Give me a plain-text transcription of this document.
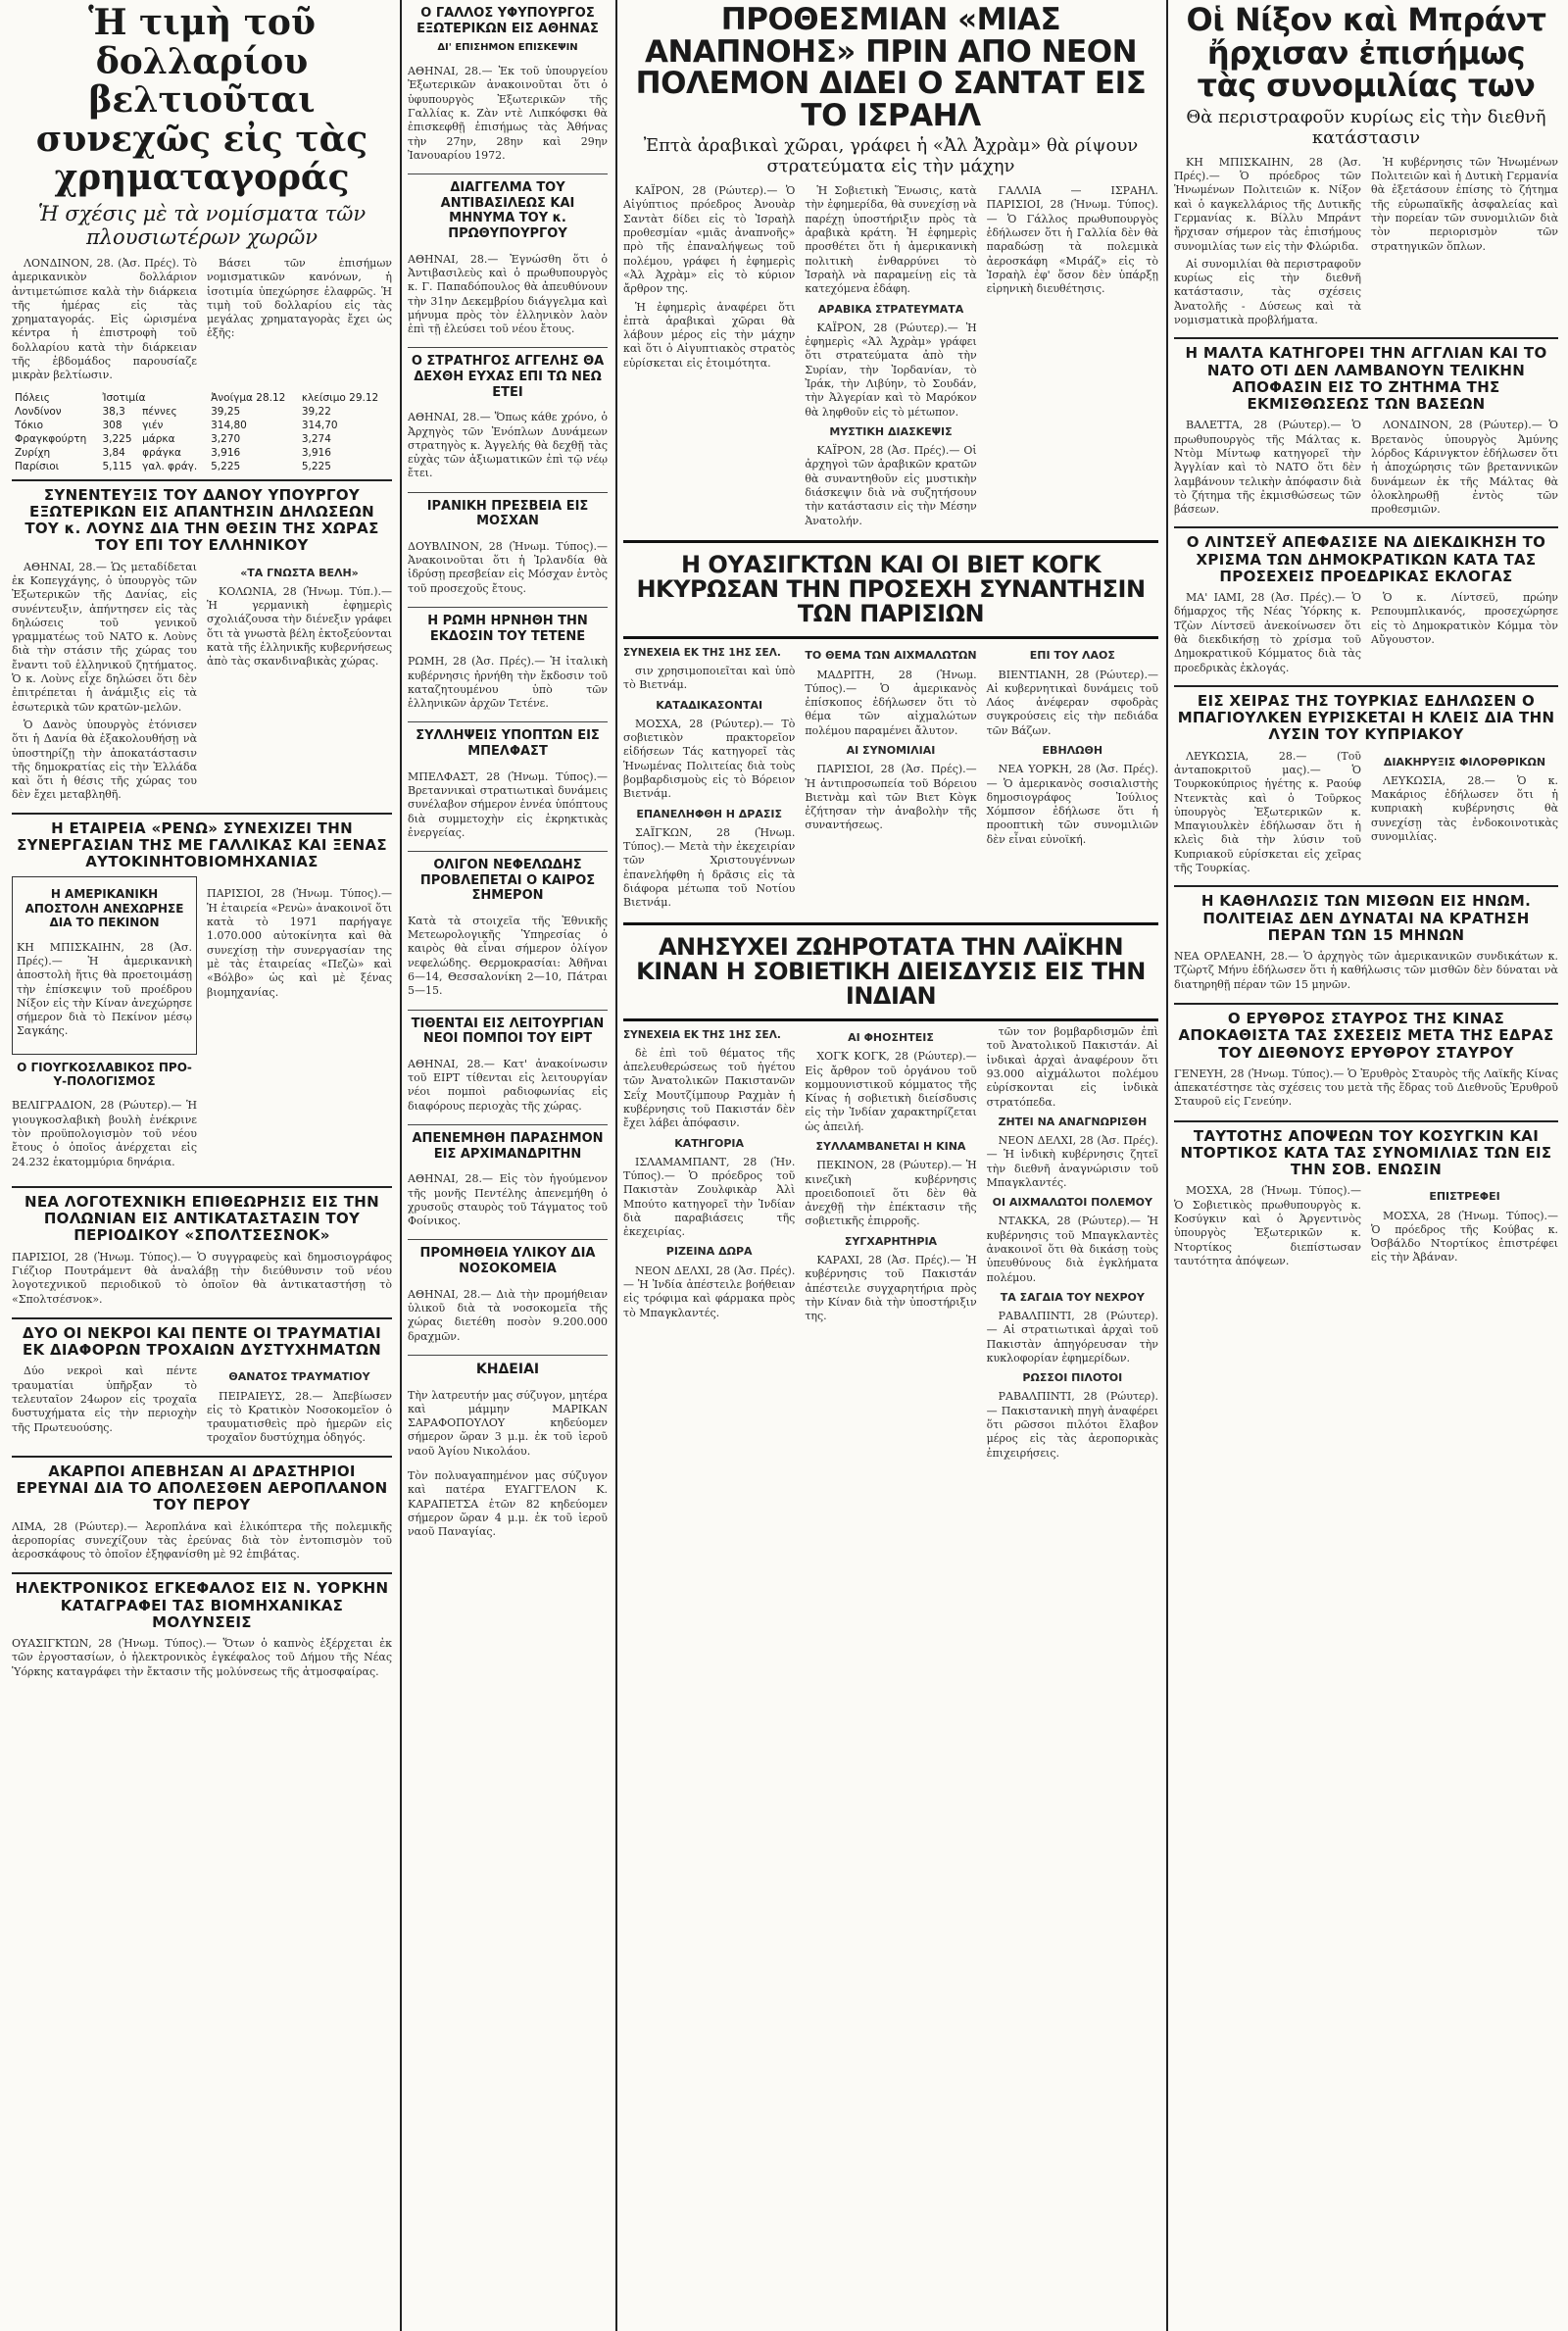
Ἡ τιμὴ τοῦ δολλαρίου βελτιοῦται συνεχῶς εἰς τὰς χρηματαγοράς
Ἡ σχέσις μὲ τὰ νομίσματα τῶν πλουσιωτέρων χωρῶν

ΛΟΝΔΙΝΟΝ, 28. (Ἀσ. Πρές). Τὸ ἀμερικανικὸν δολλάριον ἀντιμετώπισε καλὰ τὴν διάρκεια τῆς ἡμέρας εἰς τὰς χρηματαγοράς. Εἰς ὡρισμένα κέντρα ἡ ἐπιστροφὴ τοῦ δολλαρίου κατὰ τὴν διάρκειαν τῆς ἑβδομάδος παρουσίαζε μικρὰν βελτίωσιν.

Βάσει τῶν ἐπισήμων νομισματικῶν κανόνων, ἡ ἰσοτιμία ὑπεχώρησε ἐλαφρῶς. Ἡ τιμὴ τοῦ δολλαρίου εἰς τὰς μεγάλας χρηματαγορὰς ἔχει ὡς ἑξῆς:

Πόλεις	Ἰσοτιμία		Ἀνοίγμα 28.12	κλείσιμο 29.12
Λονδίνον	38,3	πέννες	39,25	39,22
Τόκιο	308	γιέν	314,80	314,70
Φραγκφούρτη	3,225	μάρκα	3,270	3,274
Ζυρίχη	3,84	φράγκα	3,916	3,916
Παρίσιοι	5,115	γαλ. φράγ.	5,225	5,225
ΣΥΝΕΝΤΕΥΞΙΣ ΤΟΥ ΔΑΝΟΥ ΥΠΟΥΡΓΟΥ ΕΞΩΤΕΡΙΚΩΝ ΕΙΣ ΑΠΑΝΤΗΣΙΝ ΔΗΛΩΣΕΩΝ ΤΟΥ κ. ΛΟΥΝΣ ΔΙΑ ΤΗΝ ΘΕΣΙΝ ΤΗΣ ΧΩΡΑΣ ΤΟΥ ΕΠΙ ΤΟΥ ΕΛΛΗΝΙΚΟΥ

ΑΘΗΝΑΙ, 28.— Ὡς μεταδίδεται ἐκ Κοπεγχάγης, ὁ ὑπουργὸς τῶν Ἐξωτερικῶν τῆς Δανίας, εἰς συνέντευξιν, ἀπήντησεν εἰς τὰς δηλώσεις τοῦ γενικοῦ γραμματέως τοῦ ΝΑΤΟ κ. Λοὺνς διὰ τὴν στάσιν τῆς χώρας του ἔναντι τοῦ ἑλληνικοῦ ζητήματος. Ὁ κ. Λοὺνς εἶχε δηλώσει ὅτι δὲν ἐπιτρέπεται ἡ ἀνάμιξις εἰς τὰ ἐσωτερικὰ τῶν κρατῶν-μελῶν.

Ὁ Δανὸς ὑπουργὸς ἐτόνισεν ὅτι ἡ Δανία θὰ ἐξακολουθήσῃ νὰ ὑποστηρίζῃ τὴν ἀποκατάστασιν τῆς δημοκρατίας εἰς τὴν Ἑλλάδα καὶ ὅτι ἡ θέσις τῆς χώρας του δὲν ἔχει μεταβληθῆ.

«ΤΑ ΓΝΩΣΤΑ ΒΕΛΗ»

ΚΟΛΩΝΙΑ, 28 (Ἡνωμ. Τύπ.).— Ἡ γερμανικὴ ἐφημερὶς σχολιάζουσα τὴν διένεξιν γράφει ὅτι τὰ γνωστὰ βέλη ἐκτοξεύονται κατὰ τῆς ἑλληνικῆς κυβερνήσεως ἀπὸ τὰς σκανδιναβικὰς χώρας.

Η ΕΤΑΙΡΕΙΑ «ΡΕΝΩ» ΣΥΝΕΧΙΖΕΙ ΤΗΝ ΣΥΝΕΡΓΑΣΙΑΝ ΤΗΣ ΜΕ ΓΑΛΛΙΚΑΣ ΚΑΙ ΞΕΝΑΣ ΑΥΤΟΚΙΝΗΤΟΒΙΟΜΗΧΑΝΙΑΣ
Η ΑΜΕΡΙΚΑΝΙΚΗ ΑΠΟΣΤΟΛΗ ΑΝΕΧΩΡΗΣΕ ΔΙΑ ΤΟ ΠΕΚΙΝΟΝ

ΚΗ ΜΠΙΣΚΑΙΗΝ, 28 (Ἀσ. Πρές).— Ἡ ἀμερικανικὴ ἀποστολὴ ἥτις θὰ προετοιμάσῃ τὴν ἐπίσκεψιν τοῦ προέδρου Νίξον εἰς τὴν Κίναν ἀνεχώρησε σήμερον διὰ τὸ Πεκίνον μέσῳ Σαγκάης.

Ο ΓΙΟΥΓΚΟΣΛΑΒΙΚΟΣ ΠΡΟ-Υ-ΠΟΛΟΓΙΣΜΟΣ

ΒΕΛΙΓΡΑΔΙΟΝ, 28 (Ρώυτερ).— Ἡ γιουγκοσλαβικὴ βουλὴ ἐνέκρινε τὸν προϋπολογισμὸν τοῦ νέου ἔτους ὁ ὁποῖος ἀνέρχεται εἰς 24.232 ἑκατομμύρια δηνάρια.

ΠΑΡΙΣΙΟΙ, 28 (Ἡνωμ. Τύπος).— Ἡ ἑταιρεία «Ρενὼ» ἀνακοινοῖ ὅτι κατὰ τὸ 1971 παρήγαγε 1.070.000 αὐτοκίνητα καὶ θὰ συνεχίσῃ τὴν συνεργασίαν της μὲ τὰς ἑταιρείας «Πεζὼ» καὶ «Βόλβο» ὡς καὶ μὲ ξένας βιομηχανίας.

ΝΕΑ ΛΟΓΟΤΕΧΝΙΚΗ ΕΠΙΘΕΩΡΗΣΙΣ ΕΙΣ ΤΗΝ ΠΟΛΩΝΙΑΝ ΕΙΣ ΑΝΤΙΚΑΤΑΣΤΑΣΙΝ ΤΟΥ ΠΕΡΙΟΔΙΚΟΥ «ΣΠΟΛΤΣΕΣΝΟΚ»

ΠΑΡΙΣΙΟΙ, 28 (Ἡνωμ. Τύπος).— Ὁ συγγραφεὺς καὶ δημοσιογράφος Γιέζιορ Πουτράμεντ θὰ ἀναλάβῃ τὴν διεύθυνσιν τοῦ νέου λογοτεχνικοῦ περιοδικοῦ τὸ ὁποῖον θὰ ἀντικαταστήσῃ τὸ «Σπολτσέσνοκ».

ΔΥΟ ΟΙ ΝΕΚΡΟΙ ΚΑΙ ΠΕΝΤΕ ΟΙ ΤΡΑΥΜΑΤΙΑΙ ΕΚ ΔΙΑΦΟΡΩΝ ΤΡΟΧΑΙΩΝ ΔΥΣΤΥΧΗΜΑΤΩΝ

Δύο νεκροὶ καὶ πέντε τραυματίαι ὑπῆρξαν τὸ τελευταῖον 24ωρον εἰς τροχαῖα δυστυχήματα εἰς τὴν περιοχὴν τῆς Πρωτευούσης.

ΘΑΝΑΤΟΣ ΤΡΑΥΜΑΤΙΟΥ

ΠΕΙΡΑΙΕΥΣ, 28.— Ἀπεβίωσεν εἰς τὸ Κρατικὸν Νοσοκομεῖον ὁ τραυματισθεὶς πρὸ ἡμερῶν εἰς τροχαῖον δυστύχημα ὁδηγός.

ΑΚΑΡΠΟΙ ΑΠΕΒΗΣΑΝ ΑΙ ΔΡΑΣΤΗΡΙΟΙ ΕΡΕΥΝΑΙ ΔΙΑ ΤΟ ΑΠΟΛΕΣΘΕΝ ΑΕΡΟΠΛΑΝΟΝ ΤΟΥ ΠΕΡΟΥ

ΛΙΜΑ, 28 (Ρώυτερ).— Ἀεροπλάνα καὶ ἑλικόπτερα τῆς πολεμικῆς ἀεροπορίας συνεχίζουν τὰς ἐρεύνας διὰ τὸν ἐντοπισμὸν τοῦ ἀεροσκάφους τὸ ὁποῖον ἐξηφανίσθη μὲ 92 ἐπιβάτας.

ΗΛΕΚΤΡΟΝΙΚΟΣ ΕΓΚΕΦΑΛΟΣ ΕΙΣ Ν. ΥΟΡΚΗΝ ΚΑΤΑΓΡΑΦΕΙ ΤΑΣ ΒΙΟΜΗΧΑΝΙΚΑΣ ΜΟΛΥΝΣΕΙΣ

ΟΥΑΣΙΓΚΤΩΝ, 28 (Ἡνωμ. Τύπος).— Ὅτων ὁ καπνὸς ἐξέρχεται ἐκ τῶν ἐργοστασίων, ὁ ἠλεκτρονικὸς ἐγκέφαλος τοῦ Δήμου τῆς Νέας Ὑόρκης καταγράφει τὴν ἔκτασιν τῆς μολύνσεως τῆς ἀτμοσφαίρας.

Ο ΓΑΛΛΟΣ ΥΦΥΠΟΥΡΓΟΣ ΕΞΩΤΕΡΙΚΩΝ ΕΙΣ ΑΘΗΝΑΣ
ΔΙ' ΕΠΙΣΗΜΟΝ ΕΠΙΣΚΕΨΙΝ

ΑΘΗΝΑΙ, 28.— Ἐκ τοῦ ὑπουργείου Ἐξωτερικῶν ἀνακοινοῦται ὅτι ὁ ὑφυπουργὸς Ἐξωτερικῶν τῆς Γαλλίας κ. Ζὰν ντὲ Λιπκόφσκι θὰ ἐπισκεφθῇ ἐπισήμως τὰς Ἀθήνας τὴν 27ην, 28ην καὶ 29ην Ἰανουαρίου 1972.

ΔΙΑΓΓΕΛΜΑ ΤΟΥ ΑΝΤΙΒΑΣΙΛΕΩΣ ΚΑΙ ΜΗΝΥΜΑ ΤΟΥ κ. ΠΡΩΘΥΠΟΥΡΓΟΥ

ΑΘΗΝΑΙ, 28.— Ἐγνώσθη ὅτι ὁ Ἀντιβασιλεὺς καὶ ὁ πρωθυπουργὸς κ. Γ. Παπαδόπουλος θὰ ἀπευθύνουν τὴν 31ην Δεκεμβρίου διάγγελμα καὶ μήνυμα πρὸς τὸν ἑλληνικὸν λαὸν ἐπὶ τῇ ἐλεύσει τοῦ νέου ἔτους.

Ο ΣΤΡΑΤΗΓΟΣ ΑΓΓΕΛΗΣ ΘΑ ΔΕΧΘΗ ΕΥΧΑΣ ΕΠΙ ΤΩ ΝΕΩ ΕΤΕΙ

ΑΘΗΝΑΙ, 28.— Ὅπως κάθε χρόνο, ὁ Ἀρχηγὸς τῶν Ἐνόπλων Δυνάμεων στρατηγὸς κ. Ἀγγελής θὰ δεχθῇ τὰς εὐχὰς τῶν ἀξιωματικῶν ἐπὶ τῷ νέῳ ἔτει.

ΙΡΑΝΙΚΗ ΠΡΕΣΒΕΙΑ ΕΙΣ ΜΟΣΧΑΝ

ΔΟΥΒΛΙΝΟΝ, 28 (Ἡνωμ. Τύπος).— Ἀνακοινοῦται ὅτι ἡ Ἰρλανδία θὰ ἱδρύσῃ πρεσβείαν εἰς Μόσχαν ἐντὸς τοῦ προσεχοῦς ἔτους.

Η ΡΩΜΗ ΗΡΝΗΘΗ ΤΗΝ ΕΚΔΟΣΙΝ ΤΟΥ ΤΕΤΕΝΕ

ΡΩΜΗ, 28 (Ἀσ. Πρές).— Ἡ ἰταλικὴ κυβέρνησις ἠρνήθη τὴν ἔκδοσιν τοῦ καταζητουμένου ὑπὸ τῶν ἑλληνικῶν ἀρχῶν Τετένε.

ΣΥΛΛΗΨΕΙΣ ΥΠΟΠΤΩΝ ΕΙΣ ΜΠΕΛΦΑΣΤ

ΜΠΕΛΦΑΣΤ, 28 (Ἡνωμ. Τύπος).— Βρεταννικαὶ στρατιωτικαὶ δυνάμεις συνέλαβον σήμερον ἐννέα ὑπόπτους διὰ συμμετοχὴν εἰς ἐκρηκτικὰς ἐνεργείας.

ΟΛΙΓΟΝ ΝΕΦΕΛΩΔΗΣ ΠΡΟΒΛΕΠΕΤΑΙ Ο ΚΑΙΡΟΣ ΣΗΜΕΡΟΝ

Κατὰ τὰ στοιχεῖα τῆς Ἐθνικῆς Μετεωρολογικῆς Ὑπηρεσίας ὁ καιρὸς θὰ εἶναι σήμερον ὀλίγον νεφελώδης. Θερμοκρασίαι: Ἀθῆναι 6—14, Θεσσαλονίκη 2—10, Πάτραι 5—15.

ΤΙΘΕΝΤΑΙ ΕΙΣ ΛΕΙΤΟΥΡΓΙΑΝ ΝΕΟΙ ΠΟΜΠΟΙ ΤΟΥ ΕΙΡΤ

ΑΘΗΝΑΙ, 28.— Κατ' ἀνακοίνωσιν τοῦ ΕΙΡΤ τίθενται εἰς λειτουργίαν νέοι πομποὶ ραδιοφωνίας εἰς διαφόρους περιοχὰς τῆς χώρας.

ΑΠΕΝΕΜΗΘΗ ΠΑΡΑΣΗΜΟΝ ΕΙΣ ΑΡΧΙΜΑΝΔΡΙΤΗΝ

ΑΘΗΝΑΙ, 28.— Εἰς τὸν ἡγούμενον τῆς μονῆς Πεντέλης ἀπενεμήθη ὁ χρυσοῦς σταυρὸς τοῦ Τάγματος τοῦ Φοίνικος.

ΠΡΟΜΗΘΕΙΑ ΥΛΙΚΟΥ ΔΙΑ ΝΟΣΟΚΟΜΕΙΑ

ΑΘΗΝΑΙ, 28.— Διὰ τὴν προμήθειαν ὑλικοῦ διὰ τὰ νοσοκομεῖα τῆς χώρας διετέθη ποσὸν 9.200.000 δραχμῶν.

ΚΗΔΕΙΑΙ

Τὴν λατρευτήν μας σύζυγον, μητέρα καὶ μάμμην ΜΑΡΙΚΑΝ ΣΑΡΑΦΟΠΟΥΛΟΥ κηδεύομεν σήμερον ὥραν 3 μ.μ. ἐκ τοῦ ἱεροῦ ναοῦ Ἁγίου Νικολάου.

Τὸν πολυαγαπημένον μας σύζυγον καὶ πατέρα ΕΥΑΓΓΕΛΟΝ Κ. ΚΑΡΑΠΕΤΣΑ ἐτῶν 82 κηδεύομεν σήμερον ὥραν 4 μ.μ. ἐκ τοῦ ἱεροῦ ναοῦ Παναγίας.

ΠΡΟΘΕΣΜΙΑΝ «ΜΙΑΣ ΑΝΑΠΝΟΗΣ» ΠΡΙΝ ΑΠΟ ΝΕΟΝ ΠΟΛΕΜΟΝ ΔΙΔΕΙ Ο ΣΑΝΤΑΤ ΕΙΣ ΤΟ ΙΣΡΑΗΛ
Ἐπτὰ ἀραβικαὶ χῶραι, γράφει ἡ «Ἀλ Ἀχρὰμ» θὰ ρίψουν στρατεύματα εἰς τὴν μάχην

ΚΑΪΡΟΝ, 28 (Ρώυτερ).— Ὁ Αἰγύπτιος πρόεδρος Ἀνουὰρ Σαντὰτ δίδει εἰς τὸ Ἰσραὴλ προθεσμίαν «μιᾶς ἀναπνοῆς» πρὸ τῆς ἐπαναλήψεως τοῦ πολέμου, γράφει ἡ ἐφημερὶς «Ἀλ Ἀχρὰμ» εἰς τὸ κύριον ἄρθρον της.

Ἡ ἐφημερὶς ἀναφέρει ὅτι ἐπτὰ ἀραβικαὶ χῶραι θὰ λάβουν μέρος εἰς τὴν μάχην καὶ ὅτι ὁ Αἰγυπτιακὸς στρατὸς εὑρίσκεται εἰς ἑτοιμότητα.

Ἡ Σοβιετικὴ Ἕνωσις, κατὰ τὴν ἐφημερίδα, θὰ συνεχίσῃ νὰ παρέχῃ ὑποστήριξιν πρὸς τὰ ἀραβικὰ κράτη. Ἡ ἐφημερὶς προσθέτει ὅτι ἡ ἀμερικανικὴ πολιτικὴ ἐνθαρρύνει τὸ Ἰσραὴλ νὰ παραμείνῃ εἰς τὰ κατεχόμενα ἐδάφη.

ΑΡΑΒΙΚΑ ΣΤΡΑΤΕΥΜΑΤΑ

ΚΑΪΡΟΝ, 28 (Ρώυτερ).— Ἡ ἐφημερὶς «Ἀλ Ἀχρὰμ» γράφει ὅτι στρατεύματα ἀπὸ τὴν Συρίαν, τὴν Ἰορδανίαν, τὸ Ἰράκ, τὴν Λιβύην, τὸ Σουδάν, τὴν Ἀλγερίαν καὶ τὸ Μαρόκον θὰ ληφθοῦν εἰς τὸ μέτωπον.

ΜΥΣΤΙΚΗ ΔΙΑΣΚΕΨΙΣ

ΚΑΪΡΟΝ, 28 (Ἀσ. Πρές).— Οἱ ἀρχηγοὶ τῶν ἀραβικῶν κρατῶν θὰ συναντηθοῦν εἰς μυστικὴν διάσκεψιν διὰ νὰ συζητήσουν τὴν κατάστασιν εἰς τὴν Μέσην Ἀνατολήν.

ΓΑΛΛΙΑ — ΙΣΡΑΗΛ. ΠΑΡΙΣΙΟΙ, 28 (Ἡνωμ. Τύπος).— Ὁ Γάλλος πρωθυπουργὸς ἐδήλωσεν ὅτι ἡ Γαλλία δὲν θὰ παραδώσῃ τὰ πολεμικὰ ἀεροσκάφη «Μιράζ» εἰς τὸ Ἰσραὴλ ἐφ' ὅσον δὲν ὑπάρξῃ εἰρηνικὴ διευθέτησις.

Η ΟΥΑΣΙΓΚΤΩΝ ΚΑΙ ΟΙ ΒΙΕΤ ΚΟΓΚ ΗΚΥΡΩΣΑΝ ΤΗΝ ΠΡΟΣΕΧΗ ΣΥΝΑΝΤΗΣΙΝ ΤΩΝ ΠΑΡΙΣΙΩΝ
ΣΥΝΕΧΕΙΑ ΕΚ ΤΗΣ 1ΗΣ ΣΕΛ.

σιν χρησιμοποιεῖται καὶ ὑπὸ τὸ Βιετνάμ.

ΚΑΤΑΔΙΚΑΣΟΝΤΑΙ

ΜΟΣΧΑ, 28 (Ρώυτερ).— Τὸ σοβιετικὸν πρακτορεῖον εἰδήσεων Τάς κατηγορεῖ τὰς Ἡνωμένας Πολιτείας διὰ τοὺς βομβαρδισμοὺς εἰς τὸ Βόρειον Βιετνάμ.

ΕΠΑΝΕΛΗΦΘΗ Η ΔΡΑΣΙΣ

ΣΑΪΓΚΩΝ, 28 (Ἡνωμ. Τύπος).— Μετὰ τὴν ἐκεχειρίαν τῶν Χριστουγέννων ἐπανελήφθη ἡ δρᾶσις εἰς τὰ διάφορα μέτωπα τοῦ Νοτίου Βιετνάμ.

ΤΟ ΘΕΜΑ ΤΩΝ ΑΙΧΜΑΛΩΤΩΝ

ΜΑΔΡΙΤΗ, 28 (Ἡνωμ. Τύπος).— Ὁ ἀμερικανὸς ἐπίσκοπος ἐδήλωσεν ὅτι τὸ θέμα τῶν αἰχμαλώτων πολέμου παραμένει ἄλυτον.

ΑΙ ΣΥΝΟΜΙΛΙΑΙ

ΠΑΡΙΣΙΟΙ, 28 (Ἀσ. Πρές).— Ἡ ἀντιπροσωπεία τοῦ Βόρειου Βιετνὰμ καὶ τῶν Βιετ Κὸγκ ἐζήτησαν τὴν ἀναβολὴν τῆς συναντήσεως.

ΕΠΙ ΤΟΥ ΛΑΟΣ

ΒΙΕΝΤΙΑΝΗ, 28 (Ρώυτερ).— Αἱ κυβερνητικαὶ δυνάμεις τοῦ Λάος ἀνέφεραν σφοδρὰς συγκρούσεις εἰς τὴν πεδιάδα τῶν Βάζων.

ΕΒΗΛΩΘΗ

ΝΕΑ ΥΟΡΚΗ, 28 (Ἀσ. Πρές).— Ὁ ἀμερικανὸς σοσιαλιστὴς δημοσιογράφος Ἰούλιος Χόμπσον ἐδήλωσε ὅτι ἡ προοπτικὴ τῶν συνομιλιῶν δὲν εἶναι εὐνοϊκή.

ΑΝΗΣΥΧΕΙ ΖΩΗΡΟΤΑΤΑ ΤΗΝ ΛΑΪΚΗΝ ΚΙΝΑΝ Η ΣΟΒΙΕΤΙΚΗ ΔΙΕΙΣΔΥΣΙΣ ΕΙΣ ΤΗΝ ΙΝΔΙΑΝ
ΣΥΝΕΧΕΙΑ ΕΚ ΤΗΣ 1ΗΣ ΣΕΛ.

δὲ ἐπὶ τοῦ θέματος τῆς ἀπελευθερώσεως τοῦ ἡγέτου τῶν Ἀνατολικῶν Πακιστανῶν Σεΐχ Μουτζίμπουρ Ραχμὰν ἡ κυβέρνησις τοῦ Πακιστάν δὲν ἔχει λάβει ἀπόφασιν.

ΚΑΤΗΓΟΡΙΑ

ΙΣΛΑΜΑΜΠΑΝΤ, 28 (Ἡν. Τύπος).— Ὁ πρόεδρος τοῦ Πακιστὰν Ζουλφικὰρ Ἀλὶ Μπούτο κατηγορεῖ τὴν Ἰνδίαν διὰ παραβιάσεις τῆς ἐκεχειρίας.

ΡΙΖΕΙΝΑ ΔΩΡΑ

ΝΕΟΝ ΔΕΛΧΙ, 28 (Ἀσ. Πρές).— Ἡ Ἰνδία ἀπέστειλε βοήθειαν εἰς τρόφιμα καὶ φάρμακα πρὸς τὸ Μπαγκλαντές.

ΑΙ ΦΗΟΣΗΤΕΙΣ

ΧΟΓΚ ΚΟΓΚ, 28 (Ρώυτερ).— Εἰς ἄρθρον τοῦ ὀργάνου τοῦ κομμουνιστικοῦ κόμματος τῆς Κίνας ἡ σοβιετικὴ διείσδυσις εἰς τὴν Ἰνδίαν χαρακτηρίζεται ὡς ἀπειλή.

ΣΥΛΛΑΜΒΑΝΕΤΑΙ Η ΚΙΝΑ

ΠΕΚΙΝΟΝ, 28 (Ρώυτερ).— Ἡ κινεζικὴ κυβέρνησις προειδοποιεῖ ὅτι δὲν θὰ ἀνεχθῇ τὴν ἐπέκτασιν τῆς σοβιετικῆς ἐπιρροῆς.

ΣΥΓΧΑΡΗΤΗΡΙΑ

ΚΑΡΑΧΙ, 28 (Ἀσ. Πρές).— Ἡ κυβέρνησις τοῦ Πακιστάν ἀπέστειλε συγχαρητήρια πρὸς τὴν Κίναν διὰ τὴν ὑποστήριξιν της.

τῶν τον βομβαρδισμῶν ἐπὶ τοῦ Ἀνατολικοῦ Πακιστάν. Αἱ ἰνδικαὶ ἀρχαὶ ἀναφέρουν ὅτι 93.000 αἰχμάλωτοι πολέμου εὑρίσκονται εἰς ἰνδικὰ στρατόπεδα.

ΖΗΤΕΙ ΝΑ ΑΝΑΓΝΩΡΙΣΘΗ

ΝΕΟΝ ΔΕΛΧΙ, 28 (Ἀσ. Πρές).— Ἡ ἰνδικὴ κυβέρνησις ζητεῖ τὴν διεθνῆ ἀναγνώρισιν τοῦ Μπαγκλαντές.

ΟΙ ΑΙΧΜΑΛΩΤΟΙ ΠΟΛΕΜΟΥ

ΝΤΑΚΚΑ, 28 (Ρώυτερ).— Ἡ κυβέρνησις τοῦ Μπαγκλαντὲς ἀνακοινοῖ ὅτι θὰ δικάσῃ τοὺς ὑπευθύνους διὰ ἐγκλήματα πολέμου.

ΤΑ ΣΑΓΔΙΑ ΤΟΥ ΝΕΧΡΟΥ

ΡΑΒΑΛΠΙΝΤΙ, 28 (Ρώυτερ).— Αἱ στρατιωτικαὶ ἀρχαὶ τοῦ Πακιστὰν ἀπηγόρευσαν τὴν κυκλοφορίαν ἐφημερίδων.

ΡΩΣΣΟΙ ΠΙΛΟΤΟΙ

ΡΑΒΑΛΠΙΝΤΙ, 28 (Ρώυτερ).— Πακιστανικὴ πηγὴ ἀναφέρει ὅτι ρῶσσοι πιλότοι ἔλαβον μέρος εἰς τὰς ἀεροπορικὰς ἐπιχειρήσεις.

Οἱ Νίξον καὶ Μπράντ ἤρχισαν ἐπισήμως τὰς συνομιλίας των
Θὰ περιστραφοῦν κυρίως εἰς τὴν διεθνῆ κατάστασιν

ΚΗ ΜΠΙΣΚΑΙΗΝ, 28 (Ἀσ. Πρές).— Ὁ πρόεδρος τῶν Ἡνωμένων Πολιτειῶν κ. Νίξον καὶ ὁ καγκελλάριος τῆς Δυτικῆς Γερμανίας κ. Βίλλυ Μπράντ ἤρχισαν σήμερον τὰς ἐπισήμους συνομιλίας των εἰς τὴν Φλώριδα.

Αἱ συνομιλίαι θὰ περιστραφοῦν κυρίως εἰς τὴν διεθνῆ κατάστασιν, τὰς σχέσεις Ἀνατολῆς - Δύσεως καὶ τὰ νομισματικὰ προβλήματα.

Ἡ κυβέρνησις τῶν Ἡνωμένων Πολιτειῶν καὶ ἡ Δυτικὴ Γερμανία θὰ ἐξετάσουν ἐπίσης τὸ ζήτημα τῆς εὐρωπαϊκῆς ἀσφαλείας καὶ τὴν πορείαν τῶν συνομιλιῶν διὰ τὸν περιορισμὸν τῶν στρατηγικῶν ὅπλων.

Η ΜΑΛΤΑ ΚΑΤΗΓΟΡΕΙ ΤΗΝ ΑΓΓΛΙΑΝ ΚΑΙ ΤΟ ΝΑΤΟ ΟΤΙ ΔΕΝ ΛΑΜΒΑΝΟΥΝ ΤΕΛΙΚΗΝ ΑΠΟΦΑΣΙΝ ΕΙΣ ΤΟ ΖΗΤΗΜΑ ΤΗΣ ΕΚΜΙΣΘΩΣΕΩΣ ΤΩΝ ΒΑΣΕΩΝ

ΒΑΛΕΤΤΑ, 28 (Ρώυτερ).— Ὁ πρωθυπουργὸς τῆς Μάλτας κ. Ντὸμ Μίντωφ κατηγορεῖ τὴν Ἀγγλίαν καὶ τὸ ΝΑΤΟ ὅτι δὲν λαμβάνουν τελικὴν ἀπόφασιν διὰ τὸ ζήτημα τῆς ἐκμισθώσεως τῶν βάσεων.

ΛΟΝΔΙΝΟΝ, 28 (Ρώυτερ).— Ὁ Βρετανὸς ὑπουργὸς Ἀμύνης λόρδος Κάρινγκτον ἐδήλωσεν ὅτι ἡ ἀποχώρησις τῶν βρεταννικῶν δυνάμεων ἐκ τῆς Μάλτας θὰ ὁλοκληρωθῇ ἐντὸς τῶν προθεσμιῶν.

Ο ΛΙΝΤΣΕΫ ΑΠΕΦΑΣΙΣΕ ΝΑ ΔΙΕΚΔΙΚΗΣΗ ΤΟ ΧΡΙΣΜΑ ΤΩΝ ΔΗΜΟΚΡΑΤΙΚΩΝ ΚΑΤΑ ΤΑΣ ΠΡΟΣΕΧΕΙΣ ΠΡΟΕΔΡΙΚΑΣ ΕΚΛΟΓΑΣ

ΜΑ' ΙΑΜΙ, 28 (Ἀσ. Πρές).— Ὁ δήμαρχος τῆς Νέας Ὑόρκης κ. Τζὼν Λίντσεϋ ἀνεκοίνωσεν ὅτι θὰ διεκδικήσῃ τὸ χρίσμα τοῦ Δημοκρατικοῦ Κόμματος διὰ τὰς προεδρικὰς ἐκλογάς.

Ὁ κ. Λίντσεϋ, πρώην Ρεπουμπλικανός, προσεχώρησε εἰς τὸ Δημοκρατικὸν Κόμμα τὸν Αὔγουστον.

ΕΙΣ ΧΕΙΡΑΣ ΤΗΣ ΤΟΥΡΚΙΑΣ ΕΔΗΛΩΣΕΝ Ο ΜΠΑΓΙΟΥΛΚΕΝ ΕΥΡΙΣΚΕΤΑΙ Η ΚΛΕΙΣ ΔΙΑ ΤΗΝ ΛΥΣΙΝ ΤΟΥ ΚΥΠΡΙΑΚΟΥ

ΛΕΥΚΩΣΙΑ, 28.— (Τοῦ ἀνταποκριτοῦ μας).— Ὁ Τουρκοκύπριος ἡγέτης κ. Ραούφ Ντενκτὰς καὶ ὁ Τοῦρκος ὑπουργὸς Ἐξωτερικῶν κ. Μπαγιουλκὲν ἐδήλωσαν ὅτι ἡ κλεὶς διὰ τὴν λύσιν τοῦ Κυπριακοῦ εὑρίσκεται εἰς χεῖρας τῆς Τουρκίας.

ΔΙΑΚΗΡΥΞΙΣ ΦΙΛΟΡΘΡΙΚΩΝ

ΛΕΥΚΩΣΙΑ, 28.— Ὁ κ. Μακάριος ἐδήλωσεν ὅτι ἡ κυπριακὴ κυβέρνησις θὰ συνεχίσῃ τὰς ἐνδοκοινοτικὰς συνομιλίας.

Η ΚΑΘΗΛΩΣΙΣ ΤΩΝ ΜΙΣΘΩΝ ΕΙΣ ΗΝΩΜ. ΠΟΛΙΤΕΙΑΣ ΔΕΝ ΔΥΝΑΤΑΙ ΝΑ ΚΡΑΤΗΣΗ ΠΕΡΑΝ ΤΩΝ 15 ΜΗΝΩΝ

ΝΕΑ ΟΡΛΕΑΝΗ, 28.— Ὁ ἀρχηγὸς τῶν ἀμερικανικῶν συνδικάτων κ. Τζὼρτζ Μήνυ ἐδήλωσεν ὅτι ἡ καθήλωσις τῶν μισθῶν δὲν δύναται νὰ διατηρηθῇ πέραν τῶν 15 μηνῶν.

Ο ΕΡΥΘΡΟΣ ΣΤΑΥΡΟΣ ΤΗΣ ΚΙΝΑΣ ΑΠΟΚΑΘΙΣΤΑ ΤΑΣ ΣΧΕΣΕΙΣ ΜΕΤΑ ΤΗΣ ΕΔΡΑΣ ΤΟΥ ΔΙΕΘΝΟΥΣ ΕΡΥΘΡΟΥ ΣΤΑΥΡΟΥ

ΓΕΝΕΥΗ, 28 (Ἡνωμ. Τύπος).— Ὁ Ἐρυθρὸς Σταυρὸς τῆς Λαϊκῆς Κίνας ἀπεκατέστησε τὰς σχέσεις του μετὰ τῆς ἕδρας τοῦ Διεθνοῦς Ἐρυθροῦ Σταυροῦ εἰς Γενεύην.

ΤΑΥΤΟΤΗΣ ΑΠΟΨΕΩΝ ΤΟΥ ΚΟΣΥΓΚΙΝ ΚΑΙ ΝΤΟΡΤΙΚΟΣ ΚΑΤΑ ΤΑΣ ΣΥΝΟΜΙΛΙΑΣ ΤΩΝ ΕΙΣ ΤΗΝ ΣΟΒ. ΕΝΩΣΙΝ

ΜΟΣΧΑ, 28 (Ἡνωμ. Τύπος).— Ὁ Σοβιετικὸς πρωθυπουργὸς κ. Κοσύγκιν καὶ ὁ Ἀργεντινὸς ὑπουργὸς Ἐξωτερικῶν κ. Ντορτίκος διεπίστωσαν ταυτότητα ἀπόψεων.

ΕΠΙΣΤΡΕΦΕΙ

ΜΟΣΧΑ, 28 (Ἡνωμ. Τύπος).— Ὁ πρόεδρος τῆς Κούβας κ. Ὀσβάλδο Ντορτίκος ἐπιστρέφει εἰς τὴν Ἀβάναν.
